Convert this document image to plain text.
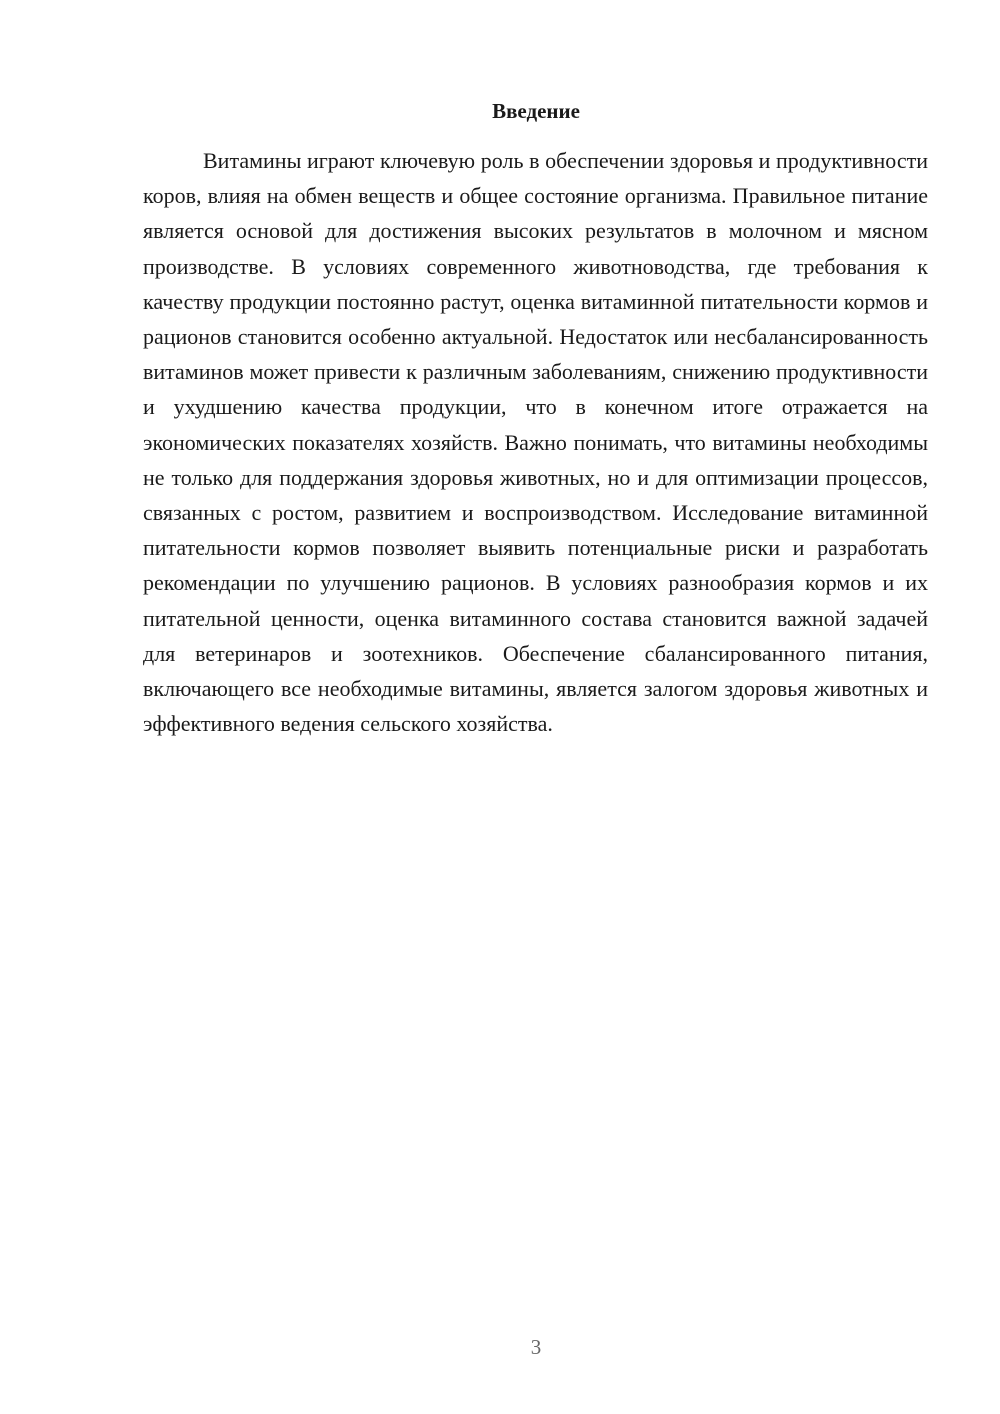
Введение

Витамины играют ключевую роль в обеспечении здоровья и продуктивности коров, влияя на обмен веществ и общее состояние организма. Правильное питание является основой для достижения высоких результатов в молочном и мясном производстве. В условиях современного животноводства, где требования к качеству продукции постоянно растут, оценка витаминной питательности кормов и рационов становится особенно актуальной. Недостаток или несбалансированность витаминов может привести к различным заболеваниям, снижению продуктивности и ухудшению качества продукции, что в конечном итоге отражается на экономических показателях хозяйств. Важно понимать, что витамины необходимы не только для поддержания здоровья животных, но и для оптимизации процессов, связанных с ростом, развитием и воспроизводством. Исследование витаминной питательности кормов позволяет выявить потенциальные риски и разработать рекомендации по улучшению рационов. В условиях разнообразия кормов и их питательной ценности, оценка витаминного состава становится важной задачей для ветеринаров и зоотехников. Обеспечение сбалансированного питания, включающего все необходимые витамины, является залогом здоровья животных и эффективного ведения сельского хозяйства.

3
